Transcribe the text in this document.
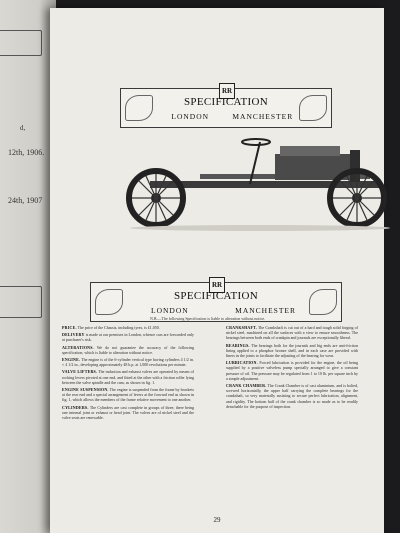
d,
12th, 1906.
24th, 1907
RR
SPECIFICATION
LONDON	MANCHESTER
RR
SPECIFICATION
LONDON	MANCHESTER
N.B.—The following Specification is liable to alteration without notice.
PRICE. The price of the Chassis, including tyres, is £1,050.
DELIVERY is made at our premises in London, whence cars are forwarded only at purchaser's risk.
ALTERATIONS. We do not guarantee the accuracy of the following specification, which is liable to alteration without notice.
ENGINE. The engine is of the 6-cylinder vertical type having cylinders 4 1/2 in. × 4 1/2 in., developing approximately 48 h.p. at 1,000 revolutions per minute.
VALVE LIFTERS. The induction and exhaust valves are operated by means of rocking levers pivoted at one end, and fitted at the other with a friction roller lying between the valve spindle and the cam, as shown in fig. 1.
ENGINE SUSPENSION. The engine is suspended from the frame by brackets at the rear end and a special arrangement of levers at the forward end as shown in fig. 1, which allows the members of the frame relative movement to one another.
CYLINDERS. The Cylinders are cast complete in groups of three, there being one internal joint or exhaust or head joint. The valves are of nickel steel and the valve seats are renewable.
CRANKSHAFT. The Crankshaft is cut out of a hard and tough solid forging of nickel steel, machined on all the surfaces with a view to ensure smoothness. The bearings between both ends of crankpin and journals are exceptionally liberal.
BEARINGS. The bearings both for the journals and big ends are anti-friction lining applied to a phosphor bronze shell, and in each case are provided with liners in the joints to facilitate the adjusting of the bearing for wear.
LUBRICATION. Forced lubrication is provided for the engine, the oil being supplied by a positive valveless pump specially arranged to give a constant pressure of oil. The pressure may be regulated from 1 to 10 lb. per square inch by a simple adjustment.
CRANK CHAMBER. The Crank Chamber is of cast aluminium, and is bolted, screwed horizontally, the upper half carrying the complete bearings for the crankshaft, so very materially assisting to secure perfect lubrication, alignment, and rigidity. The bottom half of the crank chamber is so made as to be readily detachable for the purpose of inspection.
29
